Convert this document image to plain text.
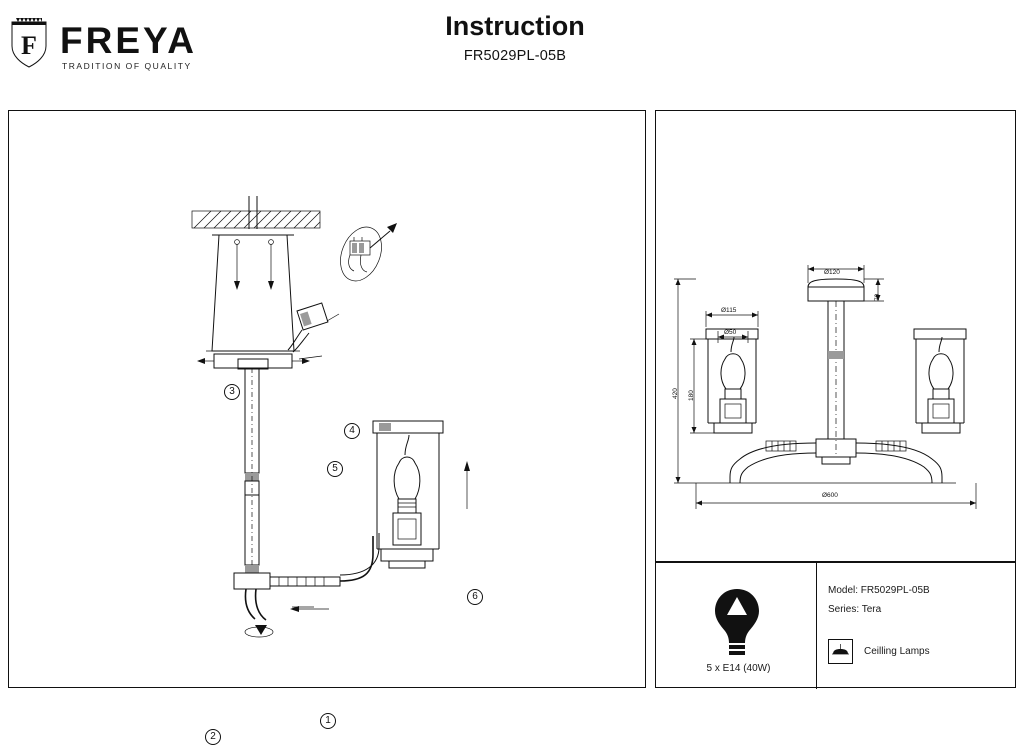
F FREYA
TRADITION OF QUALITY
Instruction
FR5029PL-05B
1
2
3
4
5
6
Ø120
70
Ø115
Ø50
420 180
Ø600
5 x E14 (40W)
Model: FR5029PL-05B
Series: Tera
Ceilling Lamps
